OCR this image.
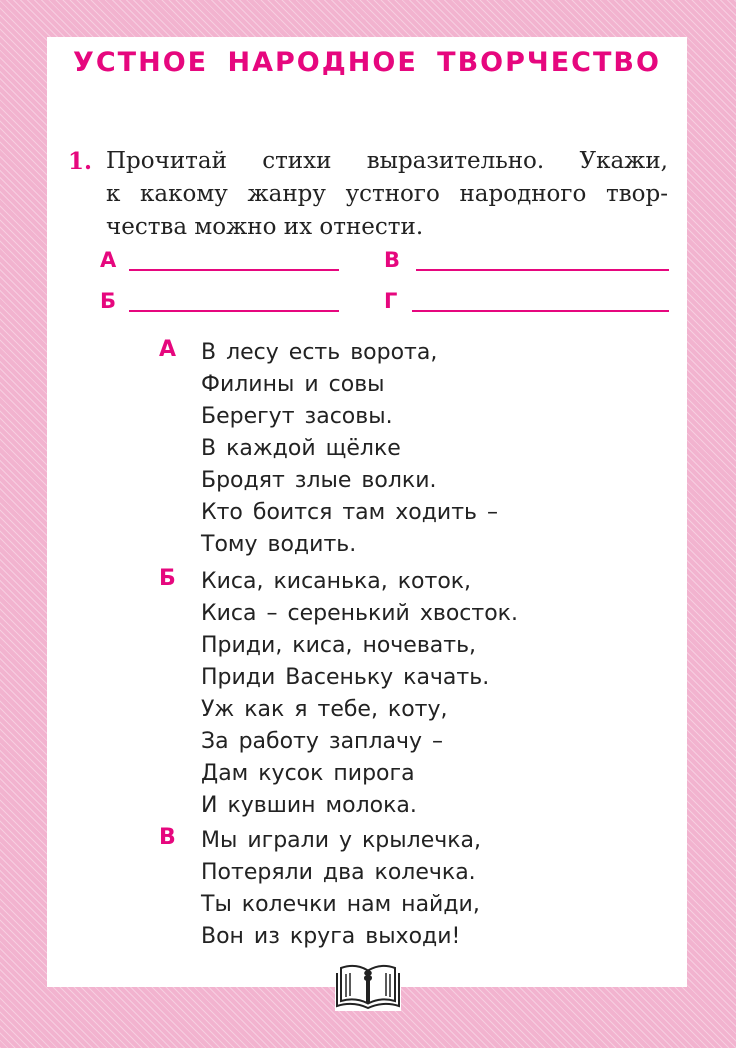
УСТНОЕ НАРОДНОЕ ТВОРЧЕСТВО
1. Прочитай стихи выразительно. Укажи,
к какому жанру устного народного твор-
чества можно их отнести.
А	В
Б	Г
А В лесу есть ворота,
Филины и совы
Берегут засовы.
В каждой щёлке
Бродят злые волки.
Кто боится там ходить –
Тому водить.
Б Киса, кисанька, коток,
Киса – серенький хвосток.
Приди, киса, ночевать,
Приди Васеньку качать.
Уж как я тебе, коту,
За работу заплачу –
Дам кусок пирога
И кувшин молока.
В Мы играли у крылечка,
Потеряли два колечка.
Ты колечки нам найди,
Вон из круга выходи!
8
